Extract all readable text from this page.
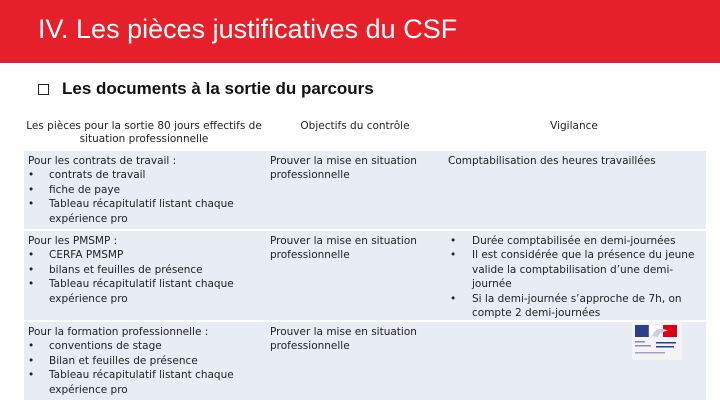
IV. Les pièces justificatives du CSF
Les documents à la sortie du parcours
Les pièces pour la sortie 80 jours effectifs de situation professionnelle
Objectifs du contrôle	Vigilance
Pour les contrats de travail :
• contrats de travail
• fiche de paye
• Tableau récapitulatif listant chaque expérience pro
Prouver la mise en situation professionnelle
Comptabilisation des heures travaillées
Pour les PMSMP :
• CERFA PMSMP
• bilans et feuilles de présence
• Tableau récapitulatif listant chaque expérience pro
Prouver la mise en situation professionnelle
• Durée comptabilisée en demi-journées
• Il est considérée que la présence du jeune valide la comptabilisation d’une demi-journée
• Si la demi-journée s’approche de 7h, on compte 2 demi-journées
Pour la formation professionnelle :
• conventions de stage
• Bilan et feuilles de présence
• Tableau récapitulatif listant chaque expérience pro
Prouver la mise en situation professionnelle
